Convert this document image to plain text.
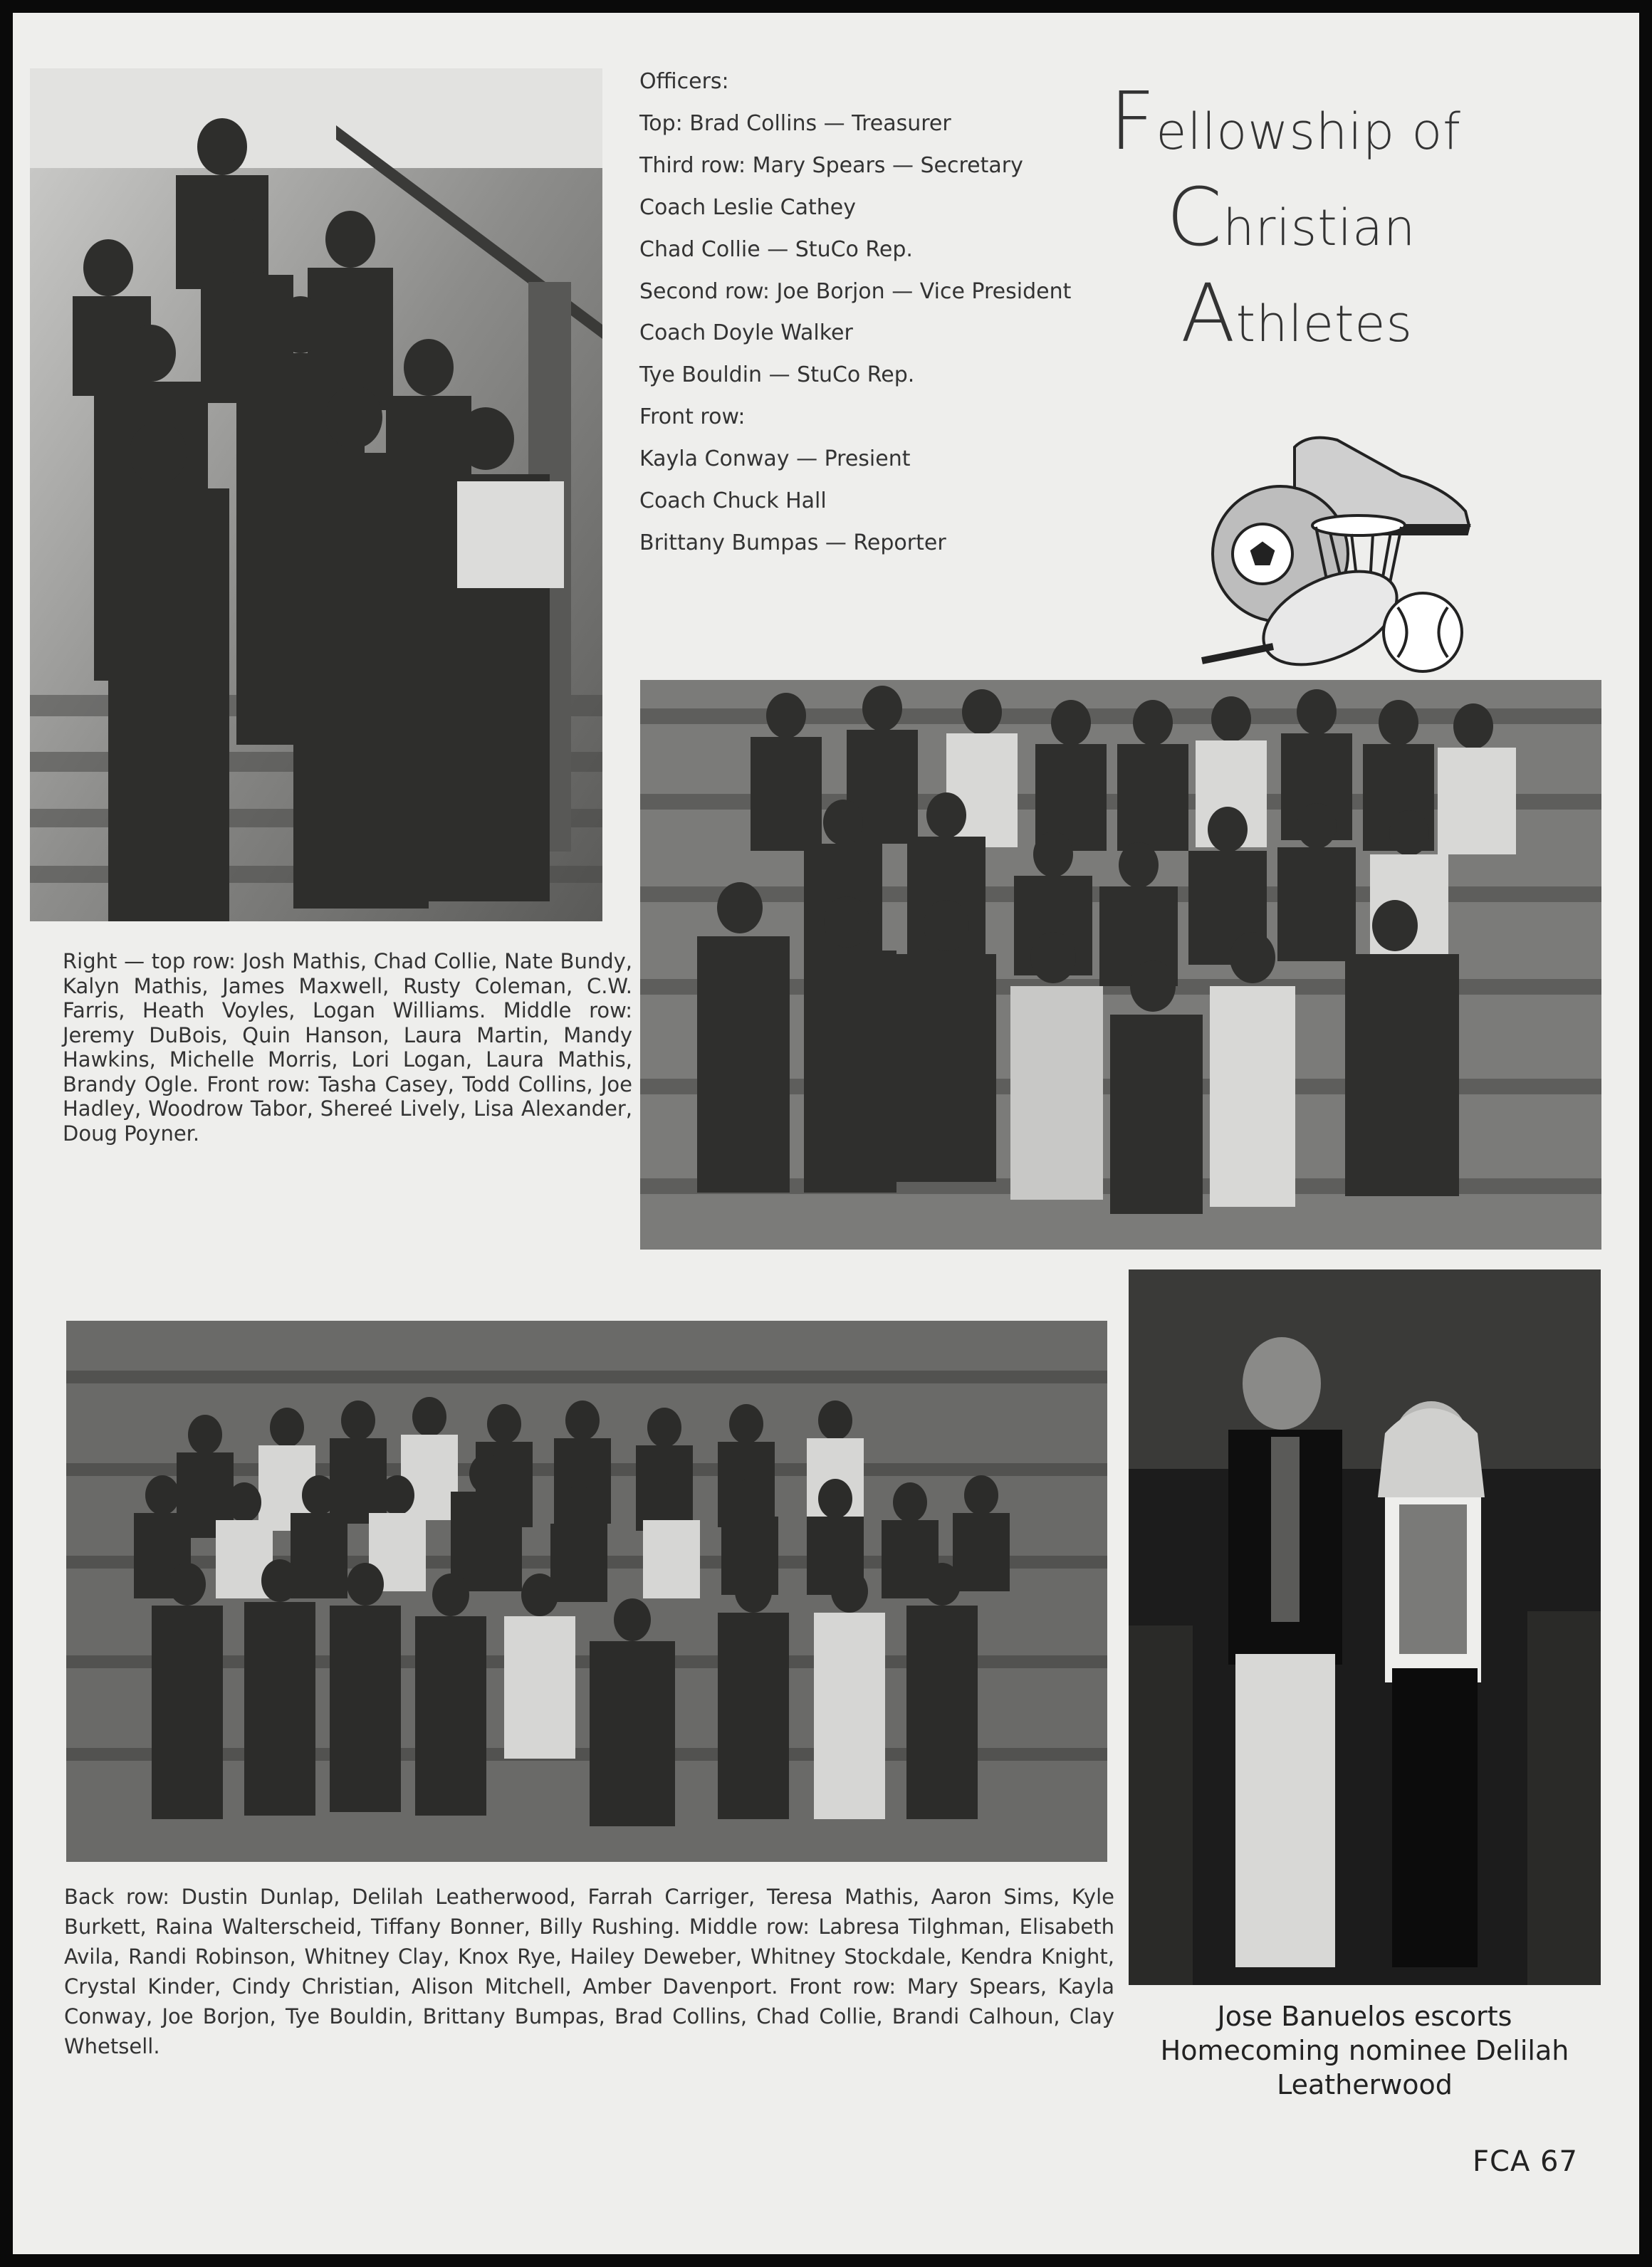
Officers:
Top: Brad Collins — Treasurer
Third row: Mary Spears — Secretary
Coach Leslie Cathey
Chad Collie — StuCo Rep.
Second row: Joe Borjon — Vice President
Coach Doyle Walker
Tye Bouldin — StuCo Rep.
Front row:
Kayla Conway — Presient
Coach Chuck Hall
Brittany Bumpas — Reporter
Fellowship of
Christian
Athletes
Right — top row: Josh Mathis, Chad Collie, Nate Bundy, Kalyn Mathis, James Maxwell, Rusty Coleman, C.W. Farris, Heath Voyles, Logan Williams. Middle row: Jeremy DuBois, Quin Hanson, Laura Martin, Mandy Hawkins, Michelle Morris, Lori Logan, Laura Mathis, Brandy Ogle. Front row: Tasha Casey, Todd Collins, Joe Hadley, Woodrow Tabor, Shereé Lively, Lisa Alexander, Doug Poyner.
Back row: Dustin Dunlap, Delilah Leatherwood, Farrah Carriger, Teresa Mathis, Aaron Sims, Kyle Burkett, Raina Walterscheid, Tiffany Bonner, Billy Rushing. Middle row: Labresa Tilghman, Elisabeth Avila, Randi Robinson, Whitney Clay, Knox Rye, Hailey Deweber, Whitney Stockdale, Kendra Knight, Crystal Kinder, Cindy Christian, Alison Mitchell, Amber Davenport. Front row: Mary Spears, Kayla Conway, Joe Borjon, Tye Bouldin, Brittany Bumpas, Brad Collins, Chad Collie, Brandi Calhoun, Clay Whetsell.
Jose Banuelos escorts Homecoming nominee Delilah Leatherwood
FCA 67
